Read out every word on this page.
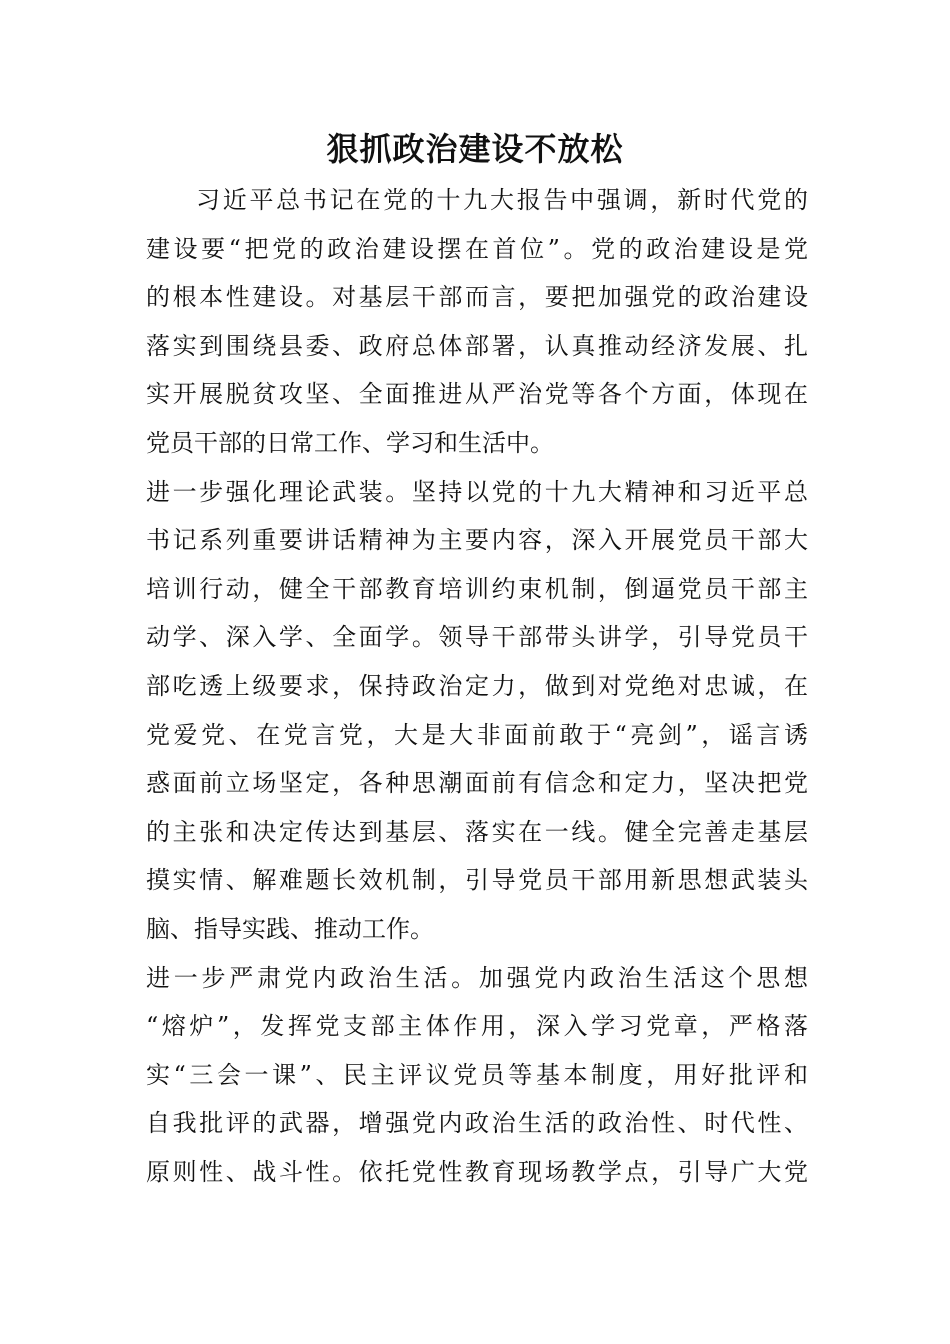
狠抓政治建设不放松
习近平总书记在党的十九大报告中强调，新时代党的
建设要“把党的政治建设摆在首位”。党的政治建设是党
的根本性建设。对基层干部而言，要把加强党的政治建设
落实到围绕县委、政府总体部署，认真推动经济发展、扎
实开展脱贫攻坚、全面推进从严治党等各个方面，体现在
党员干部的日常工作、学习和生活中。
进一步强化理论武装。坚持以党的十九大精神和习近平总
书记系列重要讲话精神为主要内容，深入开展党员干部大
培训行动，健全干部教育培训约束机制，倒逼党员干部主
动学、深入学、全面学。领导干部带头讲学，引导党员干
部吃透上级要求，保持政治定力，做到对党绝对忠诚，在
党爱党、在党言党，大是大非面前敢于“亮剑”，谣言诱
惑面前立场坚定，各种思潮面前有信念和定力，坚决把党
的主张和决定传达到基层、落实在一线。健全完善走基层
摸实情、解难题长效机制，引导党员干部用新思想武装头
脑、指导实践、推动工作。
进一步严肃党内政治生活。加强党内政治生活这个思想
“熔炉”，发挥党支部主体作用，深入学习党章，严格落
实“三会一课”、民主评议党员等基本制度，用好批评和
自我批评的武器，增强党内政治生活的政治性、时代性、
原则性、战斗性。依托党性教育现场教学点，引导广大党
